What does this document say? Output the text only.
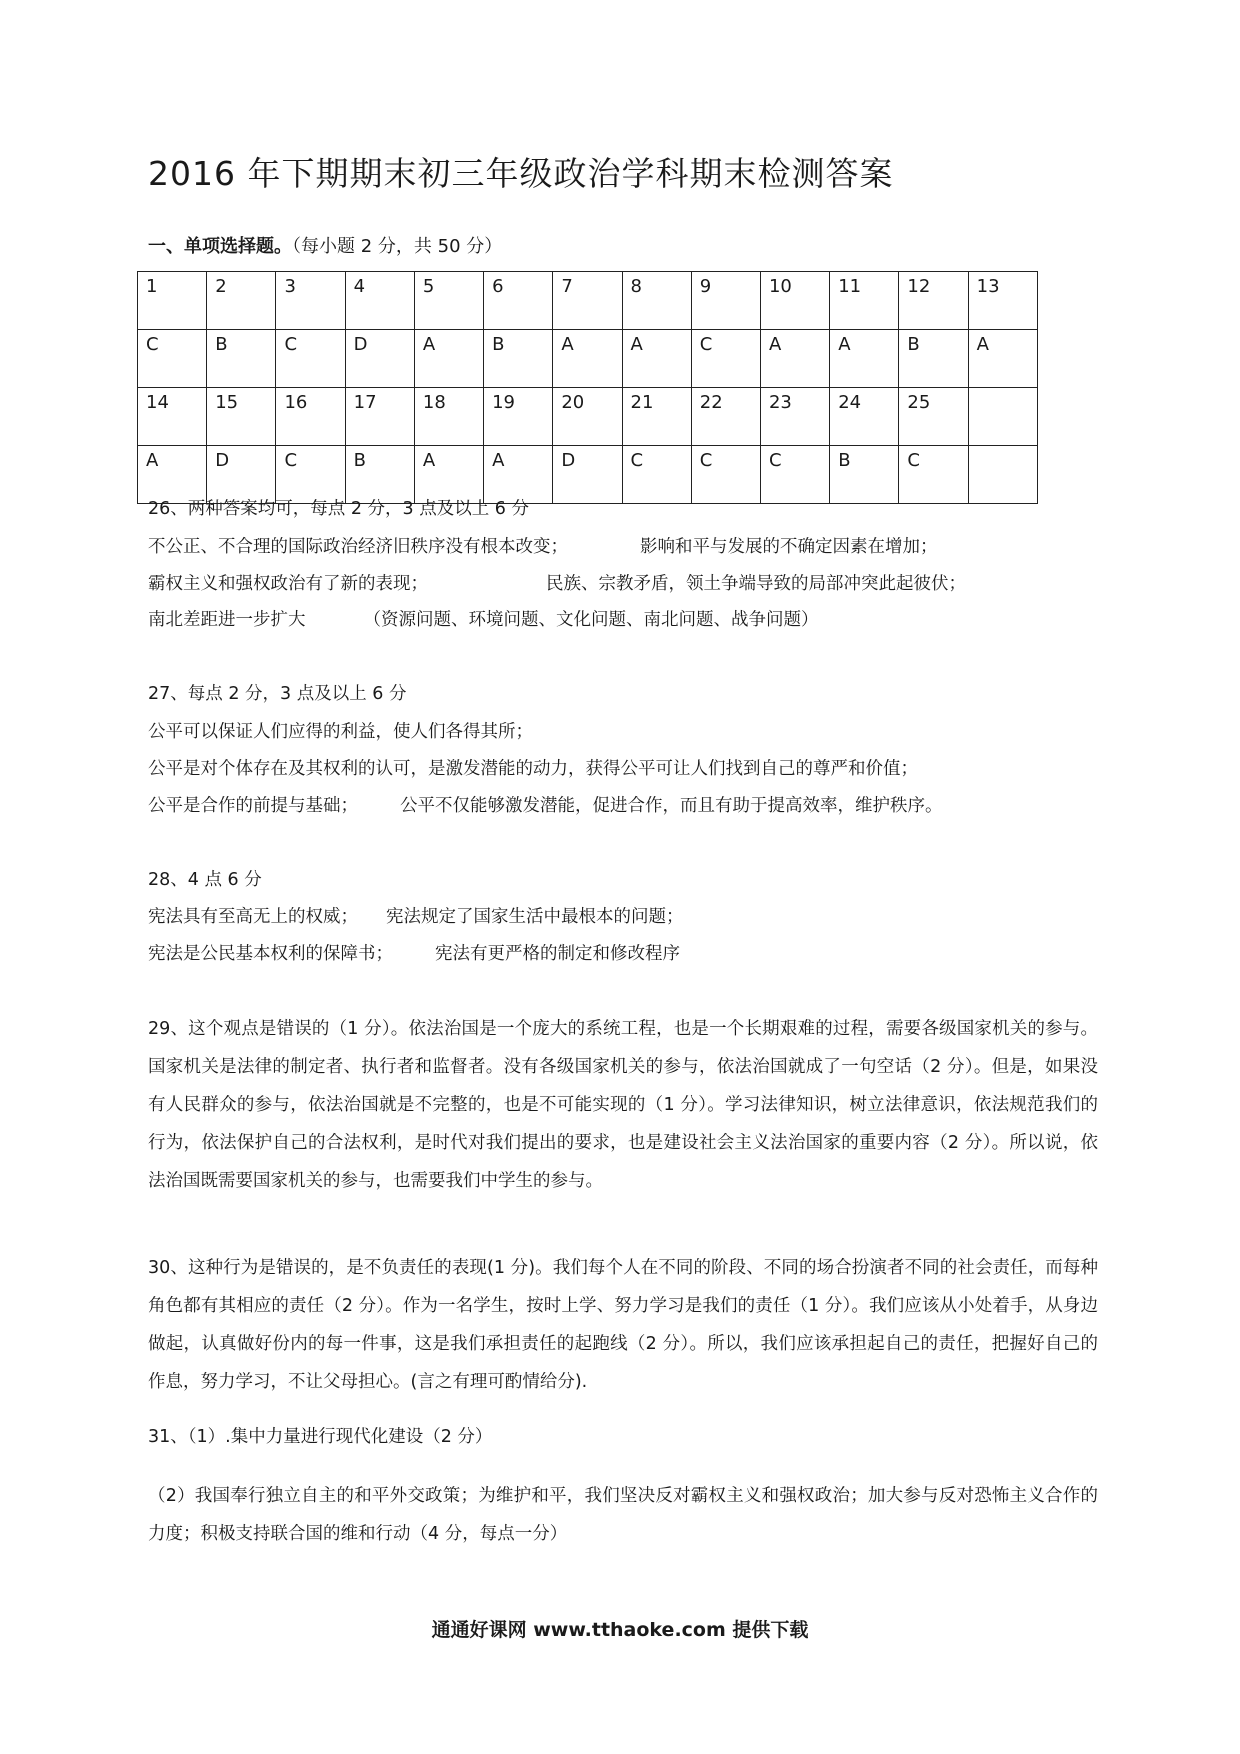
2016 年下期期末初三年级政治学科期末检测答案
一、单项选择题。（每小题 2 分，共 50 分）
1	2	3	4	5	6	7	8	9	10	11	12	13
C	B	C	D	A	B	A	A	C	A	A	B	A
14	15	16	17	18	19	20	21	22	23	24	25	
A	D	C	B	A	A	D	C	C	C	B	C	
26、两种答案均可，每点 2 分，3 点及以上 6 分
不公正、不合理的国际政治经济旧秩序没有根本改变；	影响和平与发展的不确定因素在增加；
霸权主义和强权政治有了新的表现；	民族、宗教矛盾，领土争端导致的局部冲突此起彼伏；
南北差距进一步扩大	（资源问题、环境问题、文化问题、南北问题、战争问题）
27、每点 2 分，3 点及以上 6 分
公平可以保证人们应得的利益，使人们各得其所；
公平是对个体存在及其权利的认可，是激发潜能的动力，获得公平可让人们找到自己的尊严和价值；
公平是合作的前提与基础； 公平不仅能够激发潜能，促进合作，而且有助于提高效率，维护秩序。
28、4 点 6 分
宪法具有至高无上的权威； 宪法规定了国家生活中最根本的问题；
宪法是公民基本权利的保障书； 宪法有更严格的制定和修改程序
29、这个观点是错误的（1 分）。依法治国是一个庞大的系统工程，也是一个长期艰难的过程，需要各级国家机关的参与。国家机关是法律的制定者、执行者和监督者。没有各级国家机关的参与，依法治国就成了一句空话（2 分）。但是，如果没有人民群众的参与，依法治国就是不完整的，也是不可能实现的（1 分）。学习法律知识，树立法律意识，依法规范我们的行为，依法保护自己的合法权利，是时代对我们提出的要求，也是建设社会主义法治国家的重要内容（2 分）。所以说，依法治国既需要国家机关的参与，也需要我们中学生的参与。
30、这种行为是错误的，是不负责任的表现(1 分)。我们每个人在不同的阶段、不同的场合扮演者不同的社会责任，而每种角色都有其相应的责任（2 分）。作为一名学生，按时上学、努力学习是我们的责任（1 分）。我们应该从小处着手，从身边做起，认真做好份内的每一件事，这是我们承担责任的起跑线（2 分）。所以，我们应该承担起自己的责任，把握好自己的作息，努力学习，不让父母担心。(言之有理可酌情给分).
31、（1）.集中力量进行现代化建设（2 分）
（2）我国奉行独立自主的和平外交政策；为维护和平，我们坚决反对霸权主义和强权政治；加大参与反对恐怖主义合作的力度；积极支持联合国的维和行动（4 分，每点一分）
通通好课网 www.tthaoke.com 提供下载
